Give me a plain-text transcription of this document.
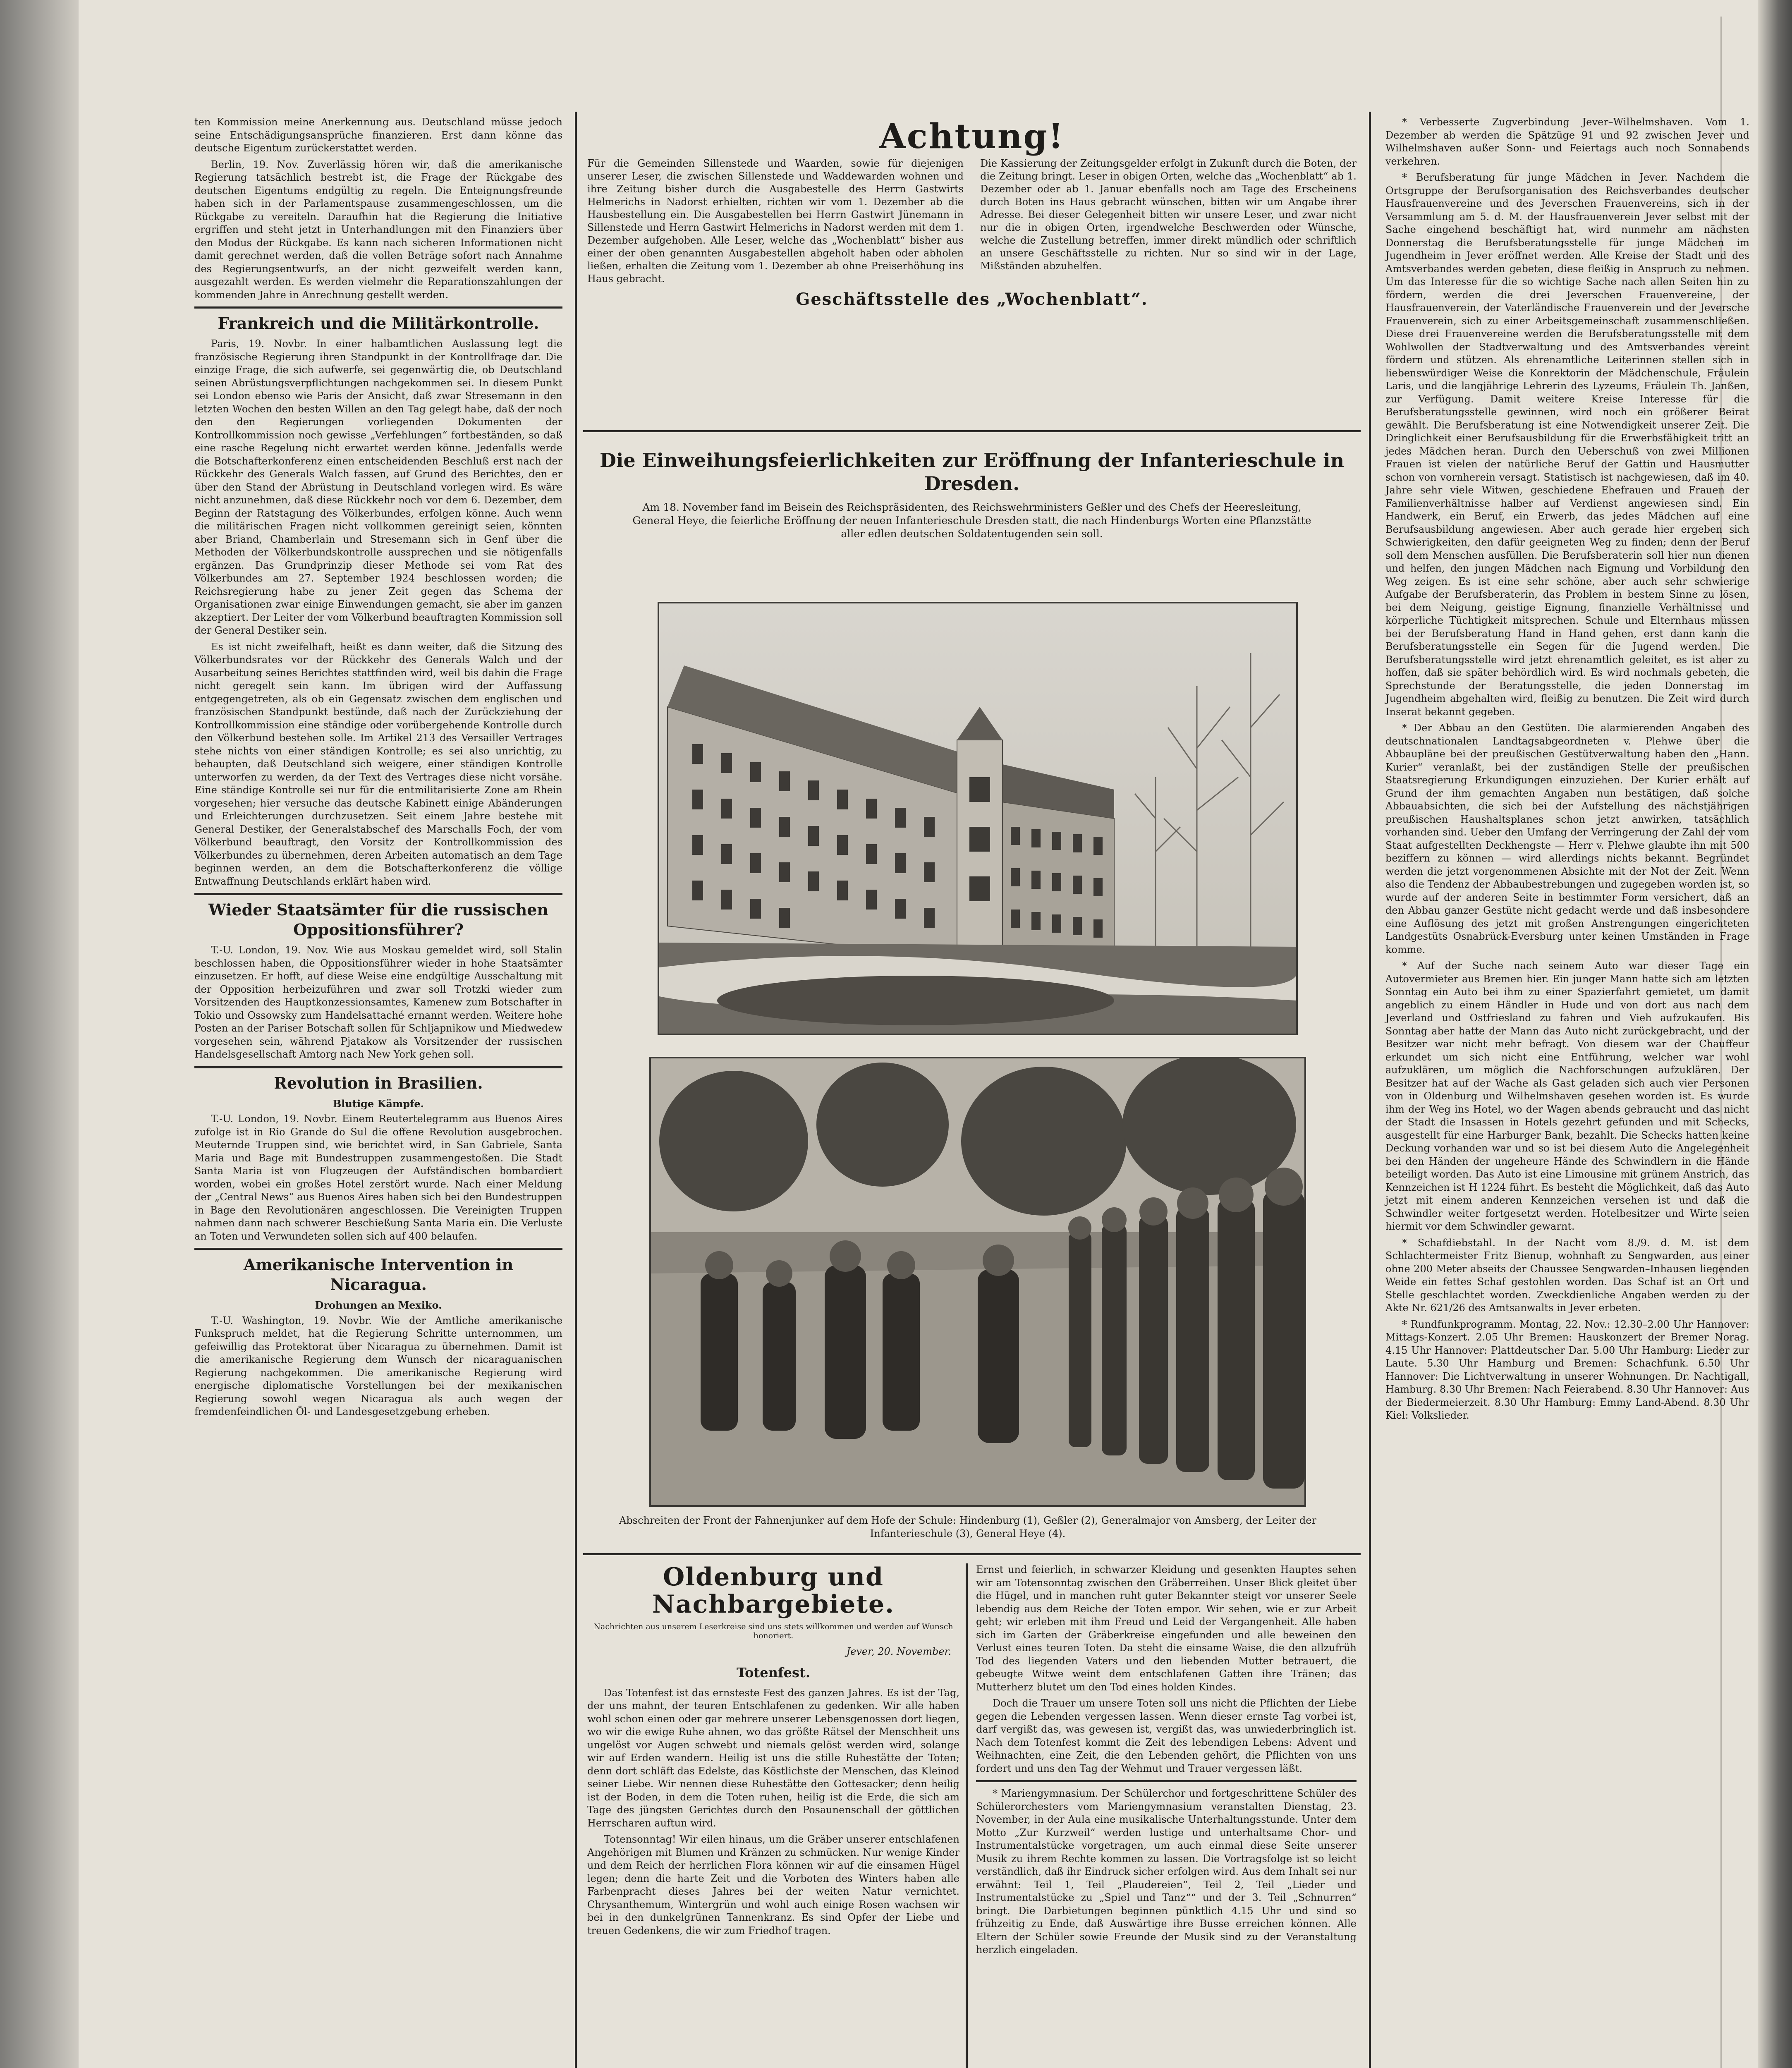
ten Kommission meine Anerkennung aus. Deutschland müsse jedoch seine Entschädigungsansprüche finanzieren. Erst dann könne das deutsche Eigentum zurückerstattet werden.

Berlin, 19. Nov. Zuverlässig hören wir, daß die amerikanische Regierung tatsächlich bestrebt ist, die Frage der Rückgabe des deutschen Eigentums endgültig zu regeln. Die Enteignungsfreunde haben sich in der Parlamentspause zusammengeschlossen, um die Rückgabe zu vereiteln. Daraufhin hat die Regierung die Initiative ergriffen und steht jetzt in Unterhandlungen mit den Finanziers über den Modus der Rückgabe. Es kann nach sicheren Informationen nicht damit gerechnet werden, daß die vollen Beträge sofort nach Annahme des Regierungsentwurfs, an der nicht gezweifelt werden kann, ausgezahlt werden. Es werden vielmehr die Reparationszahlungen der kommenden Jahre in Anrechnung gestellt werden.

Frankreich und die Militärkontrolle.

Paris, 19. Novbr. In einer halbamtlichen Auslassung legt die französische Regierung ihren Standpunkt in der Kontrollfrage dar. Die einzige Frage, die sich aufwerfe, sei gegenwärtig die, ob Deutschland seinen Abrüstungsverpflichtungen nachgekommen sei. In diesem Punkt sei London ebenso wie Paris der Ansicht, daß zwar Stresemann in den letzten Wochen den besten Willen an den Tag gelegt habe, daß der noch den den Regierungen vorliegenden Dokumenten der Kontrollkommission noch gewisse „Verfehlungen“ fortbeständen, so daß eine rasche Regelung nicht erwartet werden könne. Jedenfalls werde die Botschafterkonferenz einen entscheidenden Beschluß erst nach der Rückkehr des Generals Walch fassen, auf Grund des Berichtes, den er über den Stand der Abrüstung in Deutschland vorlegen wird. Es wäre nicht anzunehmen, daß diese Rückkehr noch vor dem 6. Dezember, dem Beginn der Ratstagung des Völkerbundes, erfolgen könne. Auch wenn die militärischen Fragen nicht vollkommen gereinigt seien, könnten aber Briand, Chamberlain und Stresemann sich in Genf über die Methoden der Völkerbundskontrolle aussprechen und sie nötigenfalls ergänzen. Das Grundprinzip dieser Methode sei vom Rat des Völkerbundes am 27. September 1924 beschlossen worden; die Reichsregierung habe zu jener Zeit gegen das Schema der Organisationen zwar einige Einwendungen gemacht, sie aber im ganzen akzeptiert. Der Leiter der vom Völkerbund beauftragten Kommission soll der General Destiker sein.

Es ist nicht zweifelhaft, heißt es dann weiter, daß die Sitzung des Völkerbundsrates vor der Rückkehr des Generals Walch und der Ausarbeitung seines Berichtes stattfinden wird, weil bis dahin die Frage nicht geregelt sein kann. Im übrigen wird der Auffassung entgegengetreten, als ob ein Gegensatz zwischen dem englischen und französischen Standpunkt bestünde, daß nach der Zurückziehung der Kontrollkommission eine ständige oder vorübergehende Kontrolle durch den Völkerbund bestehen solle. Im Artikel 213 des Versailler Vertrages stehe nichts von einer ständigen Kontrolle; es sei also unrichtig, zu behaupten, daß Deutschland sich weigere, einer ständigen Kontrolle unterworfen zu werden, da der Text des Vertrages diese nicht vorsähe. Eine ständige Kontrolle sei nur für die entmilitarisierte Zone am Rhein vorgesehen; hier versuche das deutsche Kabinett einige Abänderungen und Erleichterungen durchzusetzen. Seit einem Jahre bestehe mit General Destiker, der Generalstabschef des Marschalls Foch, der vom Völkerbund beauftragt, den Vorsitz der Kontrollkommission des Völkerbundes zu übernehmen, deren Arbeiten automatisch an dem Tage beginnen werden, an dem die Botschafterkonferenz die völlige Entwaffnung Deutschlands erklärt haben wird.

Wieder Staatsämter für die russischen Oppositionsführer?

T.-U. London, 19. Nov. Wie aus Moskau gemeldet wird, soll Stalin beschlossen haben, die Oppositionsführer wieder in hohe Staatsämter einzusetzen. Er hofft, auf diese Weise eine endgültige Ausschaltung mit der Opposition herbeizuführen und zwar soll Trotzki wieder zum Vorsitzenden des Hauptkonzessionsamtes, Kamenew zum Botschafter in Tokio und Ossowsky zum Handelsattaché ernannt werden. Weitere hohe Posten an der Pariser Botschaft sollen für Schljapnikow und Miedwedew vorgesehen sein, während Pjatakow als Vorsitzender der russischen Handelsgesellschaft Amtorg nach New York gehen soll.

Revolution in Brasilien.
Blutige Kämpfe.

T.-U. London, 19. Novbr. Einem Reutertelegramm aus Buenos Aires zufolge ist in Rio Grande do Sul die offene Revolution ausgebrochen. Meuternde Truppen sind, wie berichtet wird, in San Gabriele, Santa Maria und Bage mit Bundestruppen zusammengestoßen. Die Stadt Santa Maria ist von Flugzeugen der Aufständischen bombardiert worden, wobei ein großes Hotel zerstört wurde. Nach einer Meldung der „Central News“ aus Buenos Aires haben sich bei den Bundestruppen in Bage den Revolutionären angeschlossen. Die Vereinigten Truppen nahmen dann nach schwerer Beschießung Santa Maria ein. Die Verluste an Toten und Verwundeten sollen sich auf 400 belaufen.

Amerikanische Intervention in Nicaragua.
Drohungen an Mexiko.

T.-U. Washington, 19. Novbr. Wie der Amtliche amerikanische Funkspruch meldet, hat die Regierung Schritte unternommen, um gefeiwillig das Protektorat über Nicaragua zu übernehmen. Damit ist die amerikanische Regierung dem Wunsch der nicaraguanischen Regierung nachgekommen. Die amerikanische Regierung wird energische diplomatische Vorstellungen bei der mexikanischen Regierung sowohl wegen Nicaragua als auch wegen der fremdenfeindlichen Öl- und Landesgesetzgebung erheben.

Achtung!
Für die Gemeinden Sillenstede und Waarden, sowie für diejenigen unserer Leser, die zwischen Sillenstede und Waddewarden wohnen und ihre Zeitung bisher durch die Ausgabestelle des Herrn Gastwirts Helmerichs in Nadorst erhielten, richten wir vom 1. Dezember ab die Hausbestellung ein. Die Ausgabestellen bei Herrn Gastwirt Jünemann in Sillenstede und Herrn Gastwirt Helmerichs in Nadorst werden mit dem 1. Dezember aufgehoben. Alle Leser, welche das „Wochenblatt“ bisher aus einer der oben genannten Ausgabestellen abgeholt haben oder abholen ließen, erhalten die Zeitung vom 1. Dezember ab ohne Preiserhöhung ins Haus gebracht.
Die Kassierung der Zeitungsgelder erfolgt in Zukunft durch die Boten, der die Zeitung bringt. Leser in obigen Orten, welche das „Wochenblatt“ ab 1. Dezember oder ab 1. Januar ebenfalls noch am Tage des Erscheinens durch Boten ins Haus gebracht wünschen, bitten wir um Angabe ihrer Adresse. Bei dieser Gelegenheit bitten wir unsere Leser, und zwar nicht nur die in obigen Orten, irgendwelche Beschwerden oder Wünsche, welche die Zustellung betreffen, immer direkt mündlich oder schriftlich an unsere Geschäftsstelle zu richten. Nur so sind wir in der Lage, Mißständen abzuhelfen.
Geschäftsstelle des „Wochenblatt“.
Die Einweihungsfeierlichkeiten zur Eröffnung der Infanterieschule in Dresden.
Am 18. November fand im Beisein des Reichspräsidenten, des Reichswehrministers Geßler und des Chefs der Heeresleitung, General Heye, die feierliche Eröffnung der neuen Infanterieschule Dresden statt, die nach Hindenburgs Worten eine Pflanzstätte aller edlen deutschen Soldatentugenden sein soll.
Abschreiten der Front der Fahnenjunker auf dem Hofe der Schule: Hindenburg (1), Geßler (2), Generalmajor von Amsberg, der Leiter der Infanterieschule (3), General Heye (4).
Oldenburg und Nachbargebiete.
Nachrichten aus unserem Leserkreise sind uns stets willkommen und werden auf Wunsch honoriert.
Jever, 20. November.
Totenfest.

Das Totenfest ist das ernsteste Fest des ganzen Jahres. Es ist der Tag, der uns mahnt, der teuren Entschlafenen zu gedenken. Wir alle haben wohl schon einen oder gar mehrere unserer Lebensgenossen dort liegen, wo wir die ewige Ruhe ahnen, wo das größte Rätsel der Menschheit uns ungelöst vor Augen schwebt und niemals gelöst werden wird, solange wir auf Erden wandern. Heilig ist uns die stille Ruhestätte der Toten; denn dort schläft das Edelste, das Köstlichste der Menschen, das Kleinod seiner Liebe. Wir nennen diese Ruhestätte den Gottesacker; denn heilig ist der Boden, in dem die Toten ruhen, heilig ist die Erde, die sich am Tage des jüngsten Gerichtes durch den Posaunenschall der göttlichen Herrscharen auftun wird.

Totensonntag! Wir eilen hinaus, um die Gräber unserer entschlafenen Angehörigen mit Blumen und Kränzen zu schmücken. Nur wenige Kinder und dem Reich der herrlichen Flora können wir auf die einsamen Hügel legen; denn die harte Zeit und die Vorboten des Winters haben alle Farbenpracht dieses Jahres bei der weiten Natur vernichtet. Chrysanthemum, Wintergrün und wohl auch einige Rosen wachsen wir bei in den dunkelgrünen Tannenkranz. Es sind Opfer der Liebe und treuen Gedenkens, die wir zum Friedhof tragen.

Ernst und feierlich, in schwarzer Kleidung und gesenkten Hauptes sehen wir am Totensonntag zwischen den Gräberreihen. Unser Blick gleitet über die Hügel, und in manchen ruht guter Bekannter steigt vor unserer Seele lebendig aus dem Reiche der Toten empor. Wir sehen, wie er zur Arbeit geht; wir erleben mit ihm Freud und Leid der Vergangenheit. Alle haben sich im Garten der Gräberkreise eingefunden und alle beweinen den Verlust eines teuren Toten. Da steht die einsame Waise, die den allzufrüh Tod des liegenden Vaters und den liebenden Mutter betrauert, die gebeugte Witwe weint dem entschlafenen Gatten ihre Tränen; das Mutterherz blutet um den Tod eines holden Kindes.

Doch die Trauer um unsere Toten soll uns nicht die Pflichten der Liebe gegen die Lebenden vergessen lassen. Wenn dieser ernste Tag vorbei ist, darf vergißt das, was gewesen ist, vergißt das, was unwiederbringlich ist. Nach dem Totenfest kommt die Zeit des lebendigen Lebens: Advent und Weihnachten, eine Zeit, die den Lebenden gehört, die Pflichten von uns fordert und uns den Tag der Wehmut und Trauer vergessen läßt.

* Mariengymnasium. Der Schülerchor und fortgeschrittene Schüler des Schülerorchesters vom Mariengymnasium veranstalten Dienstag, 23. November, in der Aula eine musikalische Unterhaltungsstunde. Unter dem Motto „Zur Kurzweil“ werden lustige und unterhaltsame Chor- und Instrumentalstücke vorgetragen, um auch einmal diese Seite unserer Musik zu ihrem Rechte kommen zu lassen. Die Vortragsfolge ist so leicht verständlich, daß ihr Eindruck sicher erfolgen wird. Aus dem Inhalt sei nur erwähnt: Teil 1, Teil „Plaudereien“, Teil 2, Teil „Lieder und Instrumentalstücke zu „Spiel und Tanz““ und der 3. Teil „Schnurren“ bringt. Die Darbietungen beginnen pünktlich 4.15 Uhr und sind so frühzeitig zu Ende, daß Auswärtige ihre Busse erreichen können. Alle Eltern der Schüler sowie Freunde der Musik sind zu der Veranstaltung herzlich eingeladen.

* Verbesserte Zugverbindung Jever–Wilhelmshaven. Vom 1. Dezember ab werden die Spätzüge 91 und 92 zwischen Jever und Wilhelmshaven außer Sonn- und Feiertags auch noch Sonnabends verkehren.

* Berufsberatung für junge Mädchen in Jever. Nachdem die Ortsgruppe der Berufsorganisation des Reichsverbandes deutscher Hausfrauenvereine und des Jeverschen Frauenvereins, sich in der Versammlung am 5. d. M. der Hausfrauenverein Jever selbst mit der Sache eingehend beschäftigt hat, wird nunmehr am nächsten Donnerstag die Berufsberatungsstelle für junge Mädchen im Jugendheim in Jever eröffnet werden. Alle Kreise der Stadt und des Amtsverbandes werden gebeten, diese fleißig in Anspruch zu nehmen. Um das Interesse für die so wichtige Sache nach allen Seiten hin zu fördern, werden die drei Jeverschen Frauenvereine, der Hausfrauenverein, der Vaterländische Frauenverein und der Jeversche Frauenverein, sich zu einer Arbeitsgemeinschaft zusammenschließen. Diese drei Frauenvereine werden die Berufsberatungsstelle mit dem Wohlwollen der Stadtverwaltung und des Amtsverbandes vereint fördern und stützen. Als ehrenamtliche Leiterinnen stellen sich in liebenswürdiger Weise die Konrektorin der Mädchenschule, Fräulein Laris, und die langjährige Lehrerin des Lyzeums, Fräulein Th. Janßen, zur Verfügung. Damit weitere Kreise Interesse für die Berufsberatungsstelle gewinnen, wird noch ein größerer Beirat gewählt. Die Berufsberatung ist eine Notwendigkeit unserer Zeit. Die Dringlichkeit einer Berufsausbildung für die Erwerbsfähigkeit tritt an jedes Mädchen heran. Durch den Ueberschuß von zwei Millionen Frauen ist vielen der natürliche Beruf der Gattin und Hausmutter schon von vornherein versagt. Statistisch ist nachgewiesen, daß im 40. Jahre sehr viele Witwen, geschiedene Ehefrauen und Frauen der Familienverhältnisse halber auf Verdienst angewiesen sind. Ein Handwerk, ein Beruf, ein Erwerb, das jedes Mädchen auf eine Berufsausbildung angewiesen. Aber auch gerade hier ergeben sich Schwierigkeiten, den dafür geeigneten Weg zu finden; denn der Beruf soll dem Menschen ausfüllen. Die Berufsberaterin soll hier nun dienen und helfen, den jungen Mädchen nach Eignung und Vorbildung den Weg zeigen. Es ist eine sehr schöne, aber auch sehr schwierige Aufgabe der Berufsberaterin, das Problem in bestem Sinne zu lösen, bei dem Neigung, geistige Eignung, finanzielle Verhältnisse und körperliche Tüchtigkeit mitsprechen. Schule und Elternhaus müssen bei der Berufsberatung Hand in Hand gehen, erst dann kann die Berufsberatungsstelle ein Segen für die Jugend werden. Die Berufsberatungsstelle wird jetzt ehrenamtlich geleitet, es ist aber zu hoffen, daß sie später behördlich wird. Es wird nochmals gebeten, die Sprechstunde der Beratungsstelle, die jeden Donnerstag im Jugendheim abgehalten wird, fleißig zu benutzen. Die Zeit wird durch Inserat bekannt gegeben.

* Der Abbau an den Gestüten. Die alarmierenden Angaben des deutschnationalen Landtagsabgeordneten v. Plehwe über die Abbaupläne bei der preußischen Gestütverwaltung haben den „Hann. Kurier“ veranlaßt, bei der zuständigen Stelle der preußischen Staatsregierung Erkundigungen einzuziehen. Der Kurier erhält auf Grund der ihm gemachten Angaben nun bestätigen, daß solche Abbauabsichten, die sich bei der Aufstellung des nächstjährigen preußischen Haushaltsplanes schon jetzt anwirken, tatsächlich vorhanden sind. Ueber den Umfang der Verringerung der Zahl der vom Staat aufgestellten Deckhengste — Herr v. Plehwe glaubte ihn mit 500 beziffern zu können — wird allerdings nichts bekannt. Begründet werden die jetzt vorgenommenen Absichte mit der Not der Zeit. Wenn also die Tendenz der Abbaubestrebungen und zugegeben worden ist, so wurde auf der anderen Seite in bestimmter Form versichert, daß an den Abbau ganzer Gestüte nicht gedacht werde und daß insbesondere eine Auflösung des jetzt mit großen Anstrengungen eingerichteten Landgestüts Osnabrück-Eversburg unter keinen Umständen in Frage komme.

* Auf der Suche nach seinem Auto war dieser Tage ein Autovermieter aus Bremen hier. Ein junger Mann hatte sich am letzten Sonntag ein Auto bei ihm zu einer Spazierfahrt gemietet, um damit angeblich zu einem Händler in Hude und von dort aus nach dem Jeverland und Ostfriesland zu fahren und Vieh aufzukaufen. Bis Sonntag aber hatte der Mann das Auto nicht zurückgebracht, und der Besitzer war nicht mehr befragt. Von diesem war der Chauffeur erkundet um sich nicht eine Entführung, welcher war wohl aufzuklären, um möglich die Nachforschungen aufzuklären. Der Besitzer hat auf der Wache als Gast geladen sich auch vier Personen von in Oldenburg und Wilhelmshaven gesehen worden ist. Es wurde ihm der Weg ins Hotel, wo der Wagen abends gebraucht und das nicht der Stadt die Insassen in Hotels gezehrt gefunden und mit Schecks, ausgestellt für eine Harburger Bank, bezahlt. Die Schecks hatten keine Deckung vorhanden war und so ist bei diesem Auto die Angelegenheit bei den Händen der ungeheure Hände des Schwindlern in die Hände beteiligt worden. Das Auto ist eine Limousine mit grünem Anstrich, das Kennzeichen ist H 1224 führt. Es besteht die Möglichkeit, daß das Auto jetzt mit einem anderen Kennzeichen versehen ist und daß die Schwindler weiter fortgesetzt werden. Hotelbesitzer und Wirte seien hiermit vor dem Schwindler gewarnt.

* Schafdiebstahl. In der Nacht vom 8./9. d. M. ist dem Schlachtermeister Fritz Bienup, wohnhaft zu Sengwarden, aus einer ohne 200 Meter abseits der Chaussee Sengwarden–Inhausen liegenden Weide ein fettes Schaf gestohlen worden. Das Schaf ist an Ort und Stelle geschlachtet worden. Zweckdienliche Angaben werden zu der Akte Nr. 621/26 des Amtsanwalts in Jever erbeten.

* Rundfunkprogramm. Montag, 22. Nov.: 12.30–2.00 Uhr Hannover: Mittags-Konzert. 2.05 Uhr Bremen: Hauskonzert der Bremer Norag. 4.15 Uhr Hannover: Plattdeutscher Dar. 5.00 Uhr Hamburg: Lieder zur Laute. 5.30 Uhr Hamburg und Bremen: Schachfunk. 6.50 Uhr Hannover: Die Lichtverwaltung in unserer Wohnungen. Dr. Nachtigall, Hamburg. 8.30 Uhr Bremen: Nach Feierabend. 8.30 Uhr Hannover: Aus der Biedermeierzeit. 8.30 Uhr Hamburg: Emmy Land-Abend. 8.30 Uhr Kiel: Volkslieder.
